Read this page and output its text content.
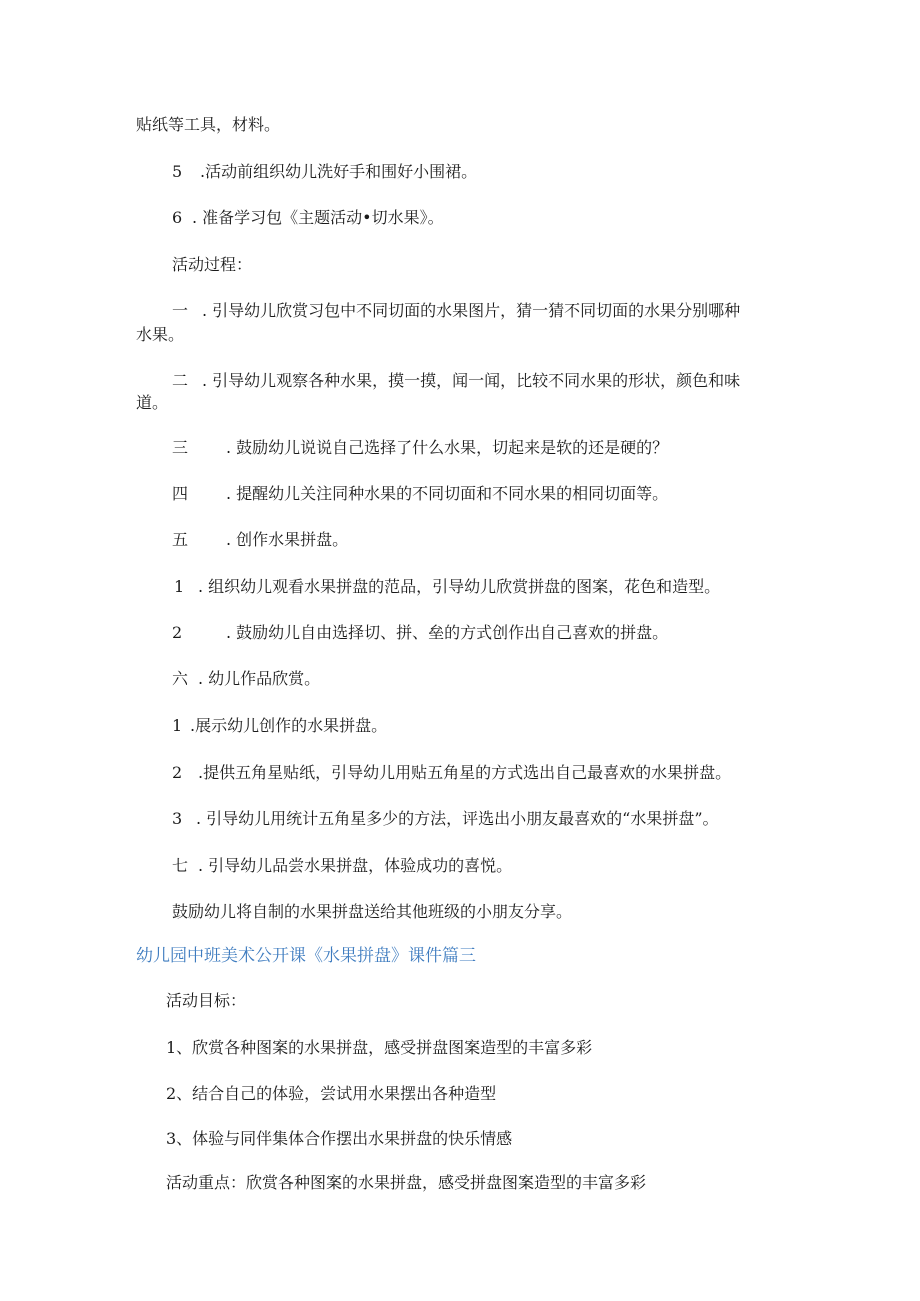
贴纸等工具，材料。

5 .活动前组织幼儿洗好手和围好小围裙。

6 . 准备学习包《主题活动•切水果》。

活动过程：

一 . 引导幼儿欣赏习包中不同切面的水果图片，猜一猜不同切面的水果分别哪种

水果。

二 . 引导幼儿观察各种水果，摸一摸，闻一闻，比较不同水果的形状，颜色和味

道。

三 . 鼓励幼儿说说自己选择了什么水果，切起来是软的还是硬的？

四 . 提醒幼儿关注同种水果的不同切面和不同水果的相同切面等。

五 . 创作水果拼盘。

1 . 组织幼儿观看水果拼盘的范品，引导幼儿欣赏拼盘的图案，花色和造型。

2	. 鼓励幼儿自由选择切、拼、垒的方式创作出自己喜欢的拼盘。

六 . 幼儿作品欣赏。

1 .展示幼儿创作的水果拼盘。

2 .提供五角星贴纸，引导幼儿用贴五角星的方式选出自己最喜欢的水果拼盘。

3 . 引导幼儿用统计五角星多少的方法，评选出小朋友最喜欢的“水果拼盘”。

七 . 引导幼儿品尝水果拼盘，体验成功的喜悦。

鼓励幼儿将自制的水果拼盘送给其他班级的小朋友分享。

幼儿园中班美术公开课《水果拼盘》课件篇三

活动目标：

1、欣赏各种图案的水果拼盘，感受拼盘图案造型的丰富多彩

2、结合自己的体验，尝试用水果摆出各种造型

3、体验与同伴集体合作摆出水果拼盘的快乐情感

活动重点：欣赏各种图案的水果拼盘，感受拼盘图案造型的丰富多彩
